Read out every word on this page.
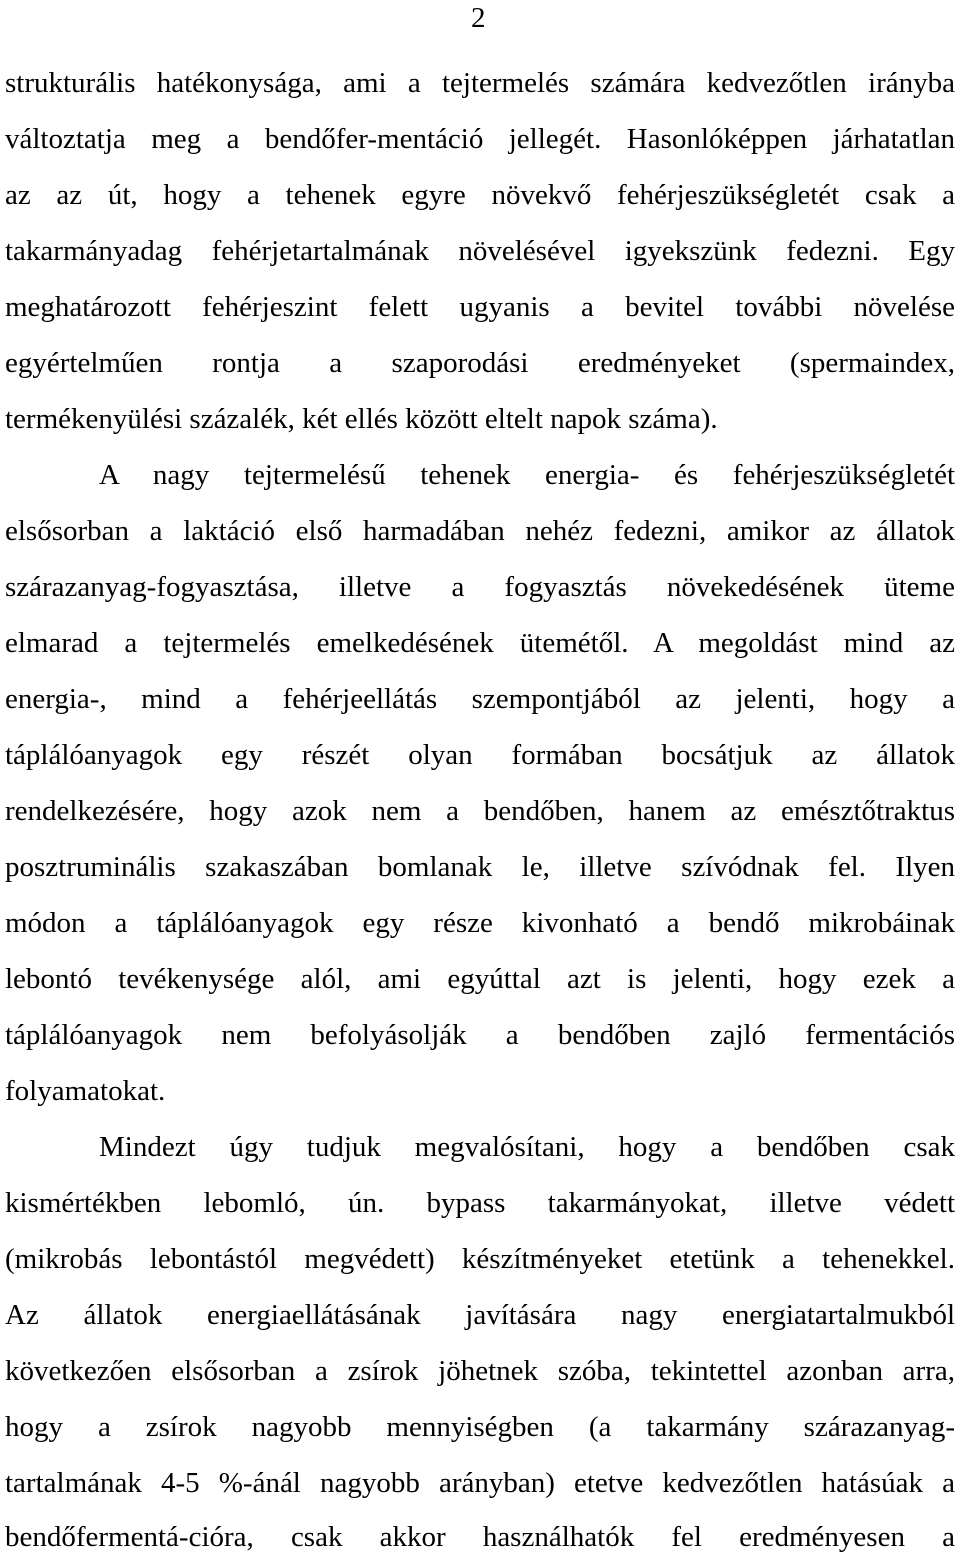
2
strukturális hatékonysága, ami a tejtermelés számára kedvezőtlen irányba
változtatja meg a bendőfer-mentáció jellegét. Hasonlóképpen járhatatlan
az az út, hogy a tehenek egyre növekvő fehérjeszükségletét csak a
takarmányadag fehérjetartalmának növelésével igyekszünk fedezni. Egy
meghatározott fehérjeszint felett ugyanis a bevitel további növelése
egyértelműen rontja a szaporodási eredményeket (spermaindex,
termékenyülési százalék, két ellés között eltelt napok száma).
A nagy tejtermelésű tehenek energia- és fehérjeszükségletét
elsősorban a laktáció első harmadában nehéz fedezni, amikor az állatok
szárazanyag-fogyasztása, illetve a fogyasztás növekedésének üteme
elmarad a tejtermelés emelkedésének ütemétől. A megoldást mind az
energia-, mind a fehérjeellátás szempontjából az jelenti, hogy a
táplálóanyagok egy részét olyan formában bocsátjuk az állatok
rendelkezésére, hogy azok nem a bendőben, hanem az emésztőtraktus
posztruminális szakaszában bomlanak le, illetve szívódnak fel. Ilyen
módon a táplálóanyagok egy része kivonható a bendő mikrobáinak
lebontó tevékenysége alól, ami egyúttal azt is jelenti, hogy ezek a
táplálóanyagok nem befolyásolják a bendőben zajló fermentációs
folyamatokat.
Mindezt úgy tudjuk megvalósítani, hogy a bendőben csak
kismértékben lebomló, ún. bypass takarmányokat, illetve védett
(mikrobás lebontástól megvédett) készítményeket etetünk a tehenekkel.
Az állatok energiaellátásának javítására nagy energiatartalmukból
következően elsősorban a zsírok jöhetnek szóba, tekintettel azonban arra,
hogy a zsírok nagyobb mennyiségben (a takarmány szárazanyag-
tartalmának 4-5 %-ánál nagyobb arányban) etetve kedvezőtlen hatásúak a
bendőfermentá-cióra, csak akkor használhatók fel eredményesen a
